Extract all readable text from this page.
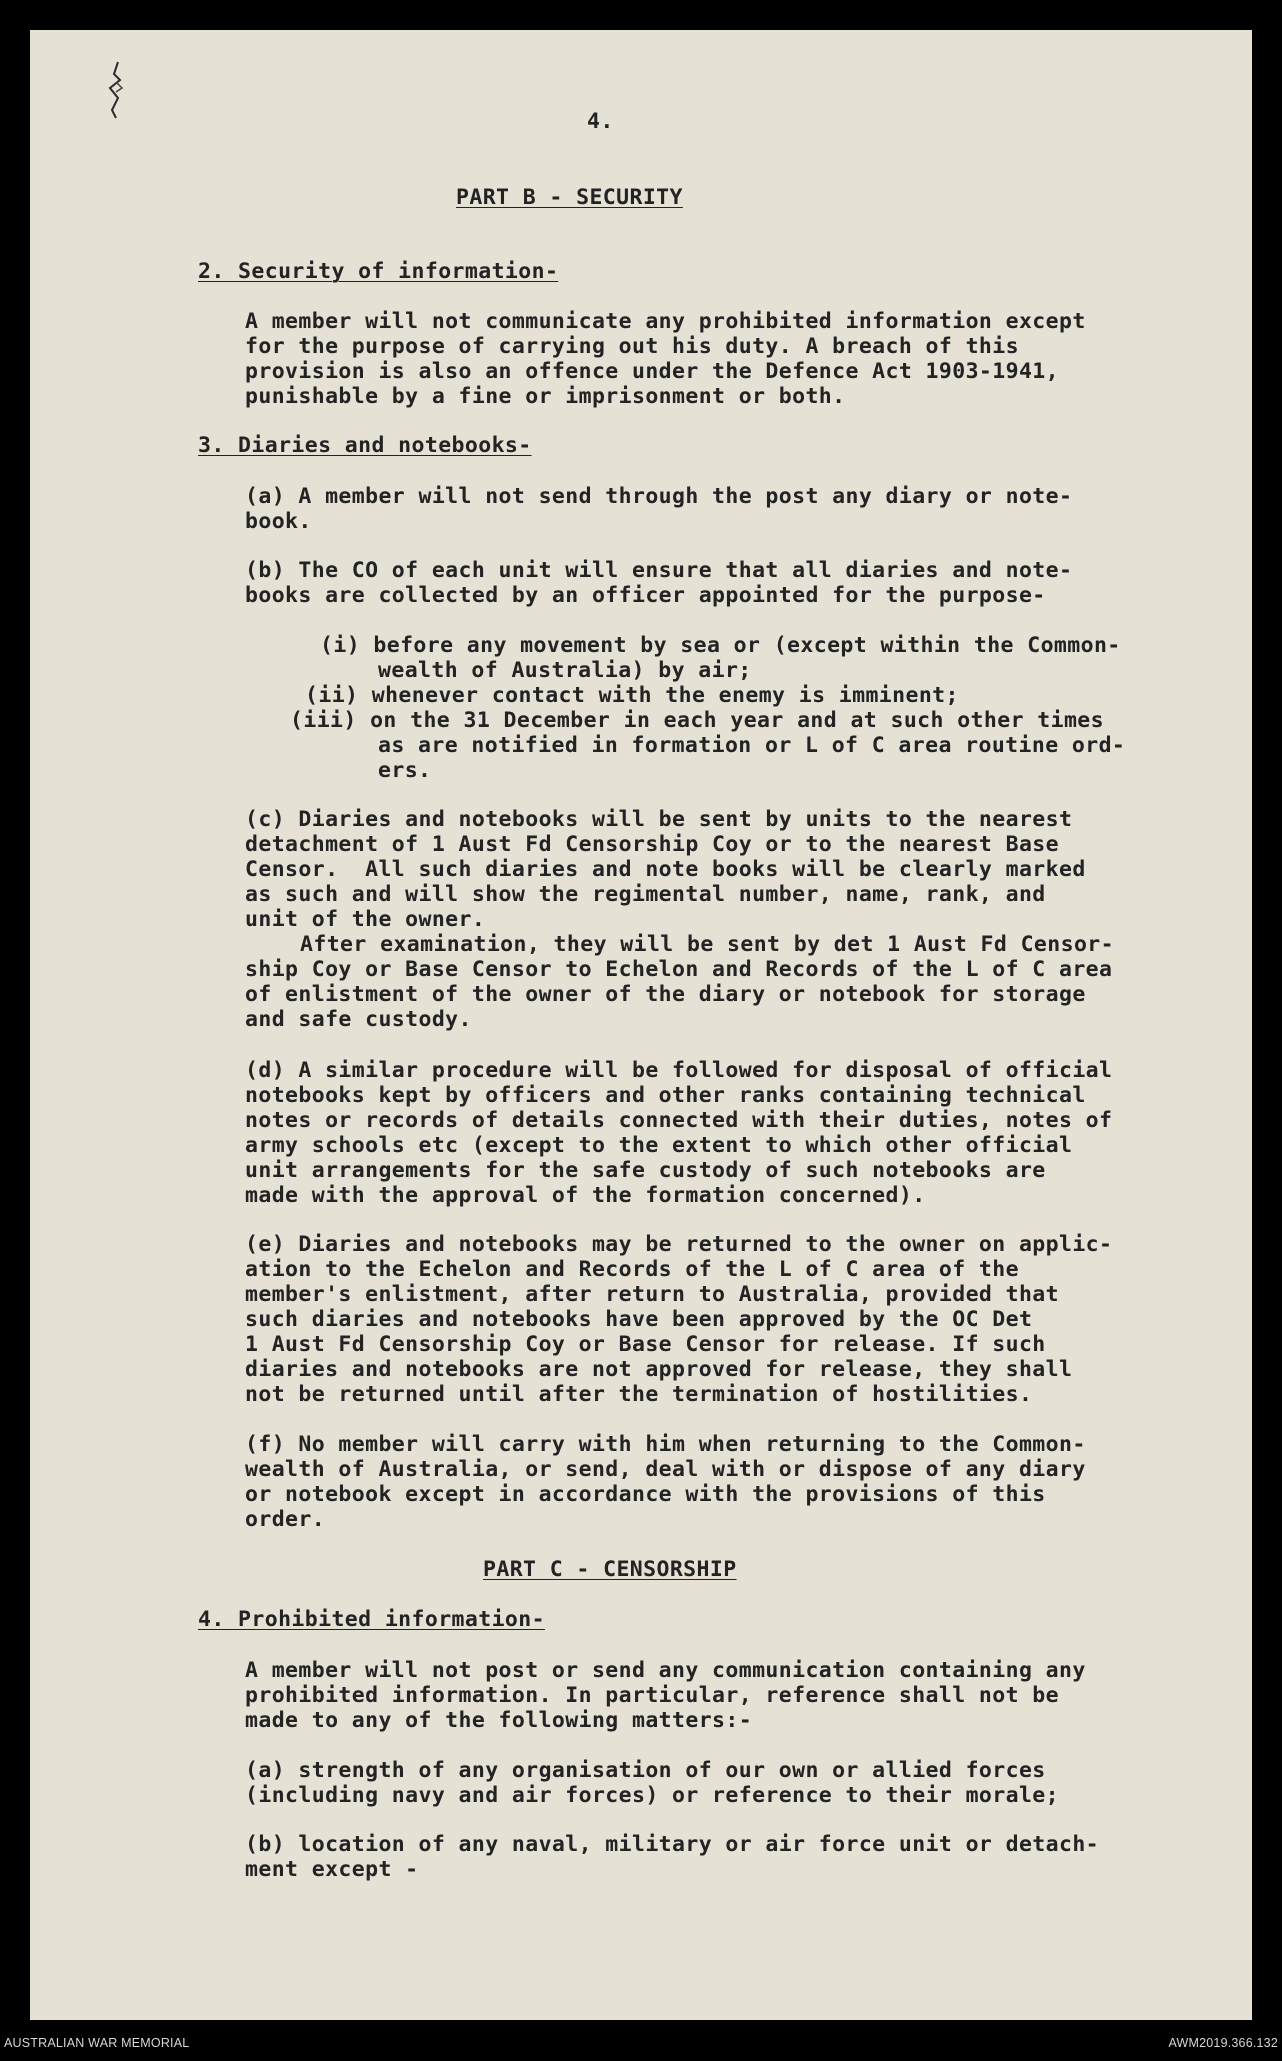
4.
PART B - SECURITY
2. Security of information-
A member will not communicate any prohibited information except
for the purpose of carrying out his duty. A breach of this
provision is also an offence under the Defence Act 1903-1941,
punishable by a fine or imprisonment or both.
3. Diaries and notebooks-
(a) A member will not send through the post any diary or note-
book.
(b) The CO of each unit will ensure that all diaries and note-
books are collected by an officer appointed for the purpose-
(i) before any movement by sea or (except within the Common-
wealth of Australia) by air;
(ii) whenever contact with the enemy is imminent;
(iii) on the 31 December in each year and at such other times
as are notified in formation or L of C area routine ord-
ers.
(c) Diaries and notebooks will be sent by units to the nearest
detachment of 1 Aust Fd Censorship Coy or to the nearest Base
Censor.  All such diaries and note books will be clearly marked
as such and will show the regimental number, name, rank, and
unit of the owner.
After examination, they will be sent by det 1 Aust Fd Censor-
ship Coy or Base Censor to Echelon and Records of the L of C area
of enlistment of the owner of the diary or notebook for storage
and safe custody.
(d) A similar procedure will be followed for disposal of official
notebooks kept by officers and other ranks containing technical
notes or records of details connected with their duties, notes of
army schools etc (except to the extent to which other official
unit arrangements for the safe custody of such notebooks are
made with the approval of the formation concerned).
(e) Diaries and notebooks may be returned to the owner on applic-
ation to the Echelon and Records of the L of C area of the
member's enlistment, after return to Australia, provided that
such diaries and notebooks have been approved by the OC Det
1 Aust Fd Censorship Coy or Base Censor for release. If such
diaries and notebooks are not approved for release, they shall
not be returned until after the termination of hostilities.
(f) No member will carry with him when returning to the Common-
wealth of Australia, or send, deal with or dispose of any diary
or notebook except in accordance with the provisions of this
order.
PART C - CENSORSHIP
4. Prohibited information-
A member will not post or send any communication containing any
prohibited information. In particular, reference shall not be
made to any of the following matters:-
(a) strength of any organisation of our own or allied forces
(including navy and air forces) or reference to their morale;
(b) location of any naval, military or air force unit or detach-
ment except -
AUSTRALIAN WAR MEMORIAL	AWM2019.366.132
